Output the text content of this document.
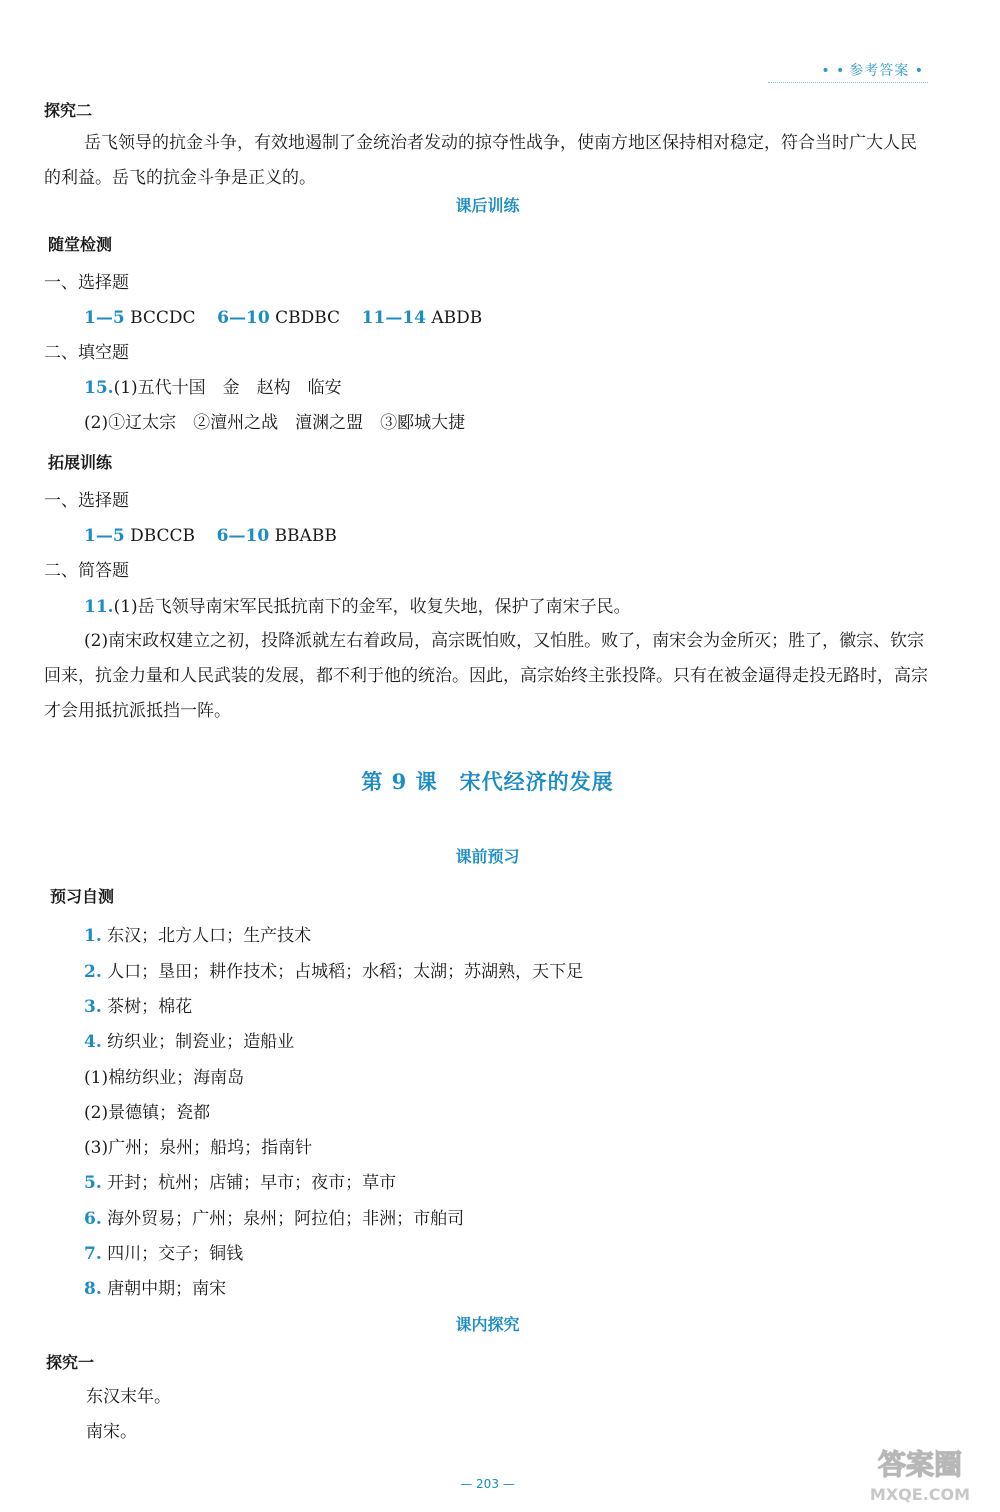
• • 参考答案 •
探究二
岳飞领导的抗金斗争，有效地遏制了金统治者发动的掠夺性战争，使南方地区保持相对稳定，符合当时广大人民的利益。岳飞的抗金斗争是正义的。
课后训练
随堂检测
一、选择题
1—5 BCCDC 6—10 CBDBC 11—14 ABDB
二、填空题
15.(1)五代十国　金　赵构　临安
(2)①辽太宗　②澶州之战　澶渊之盟　③郾城大捷
拓展训练
一、选择题
1—5 DBCCB 6—10 BBABB
二、简答题
11.(1)岳飞领导南宋军民抵抗南下的金军，收复失地，保护了南宋子民。
(2)南宋政权建立之初，投降派就左右着政局，高宗既怕败，又怕胜。败了，南宋会为金所灭；胜了，徽宗、钦宗回来，抗金力量和人民武装的发展，都不利于他的统治。因此，高宗始终主张投降。只有在被金逼得走投无路时，高宗才会用抵抗派抵挡一阵。
第 9 课　宋代经济的发展
课前预习
预习自测
1. 东汉；北方人口；生产技术
2. 人口；垦田；耕作技术；占城稻；水稻；太湖；苏湖熟，天下足
3. 茶树；棉花
4. 纺织业；制瓷业；造船业
(1)棉纺织业；海南岛
(2)景德镇；瓷都
(3)广州；泉州；船坞；指南针
5. 开封；杭州；店铺；早市；夜市；草市
6. 海外贸易；广州；泉州；阿拉伯；非洲；市舶司
7. 四川；交子；铜钱
8. 唐朝中期；南宋
课内探究
探究一
东汉末年。
南宋。
— 203 —
答案圈
MXQE.COM
